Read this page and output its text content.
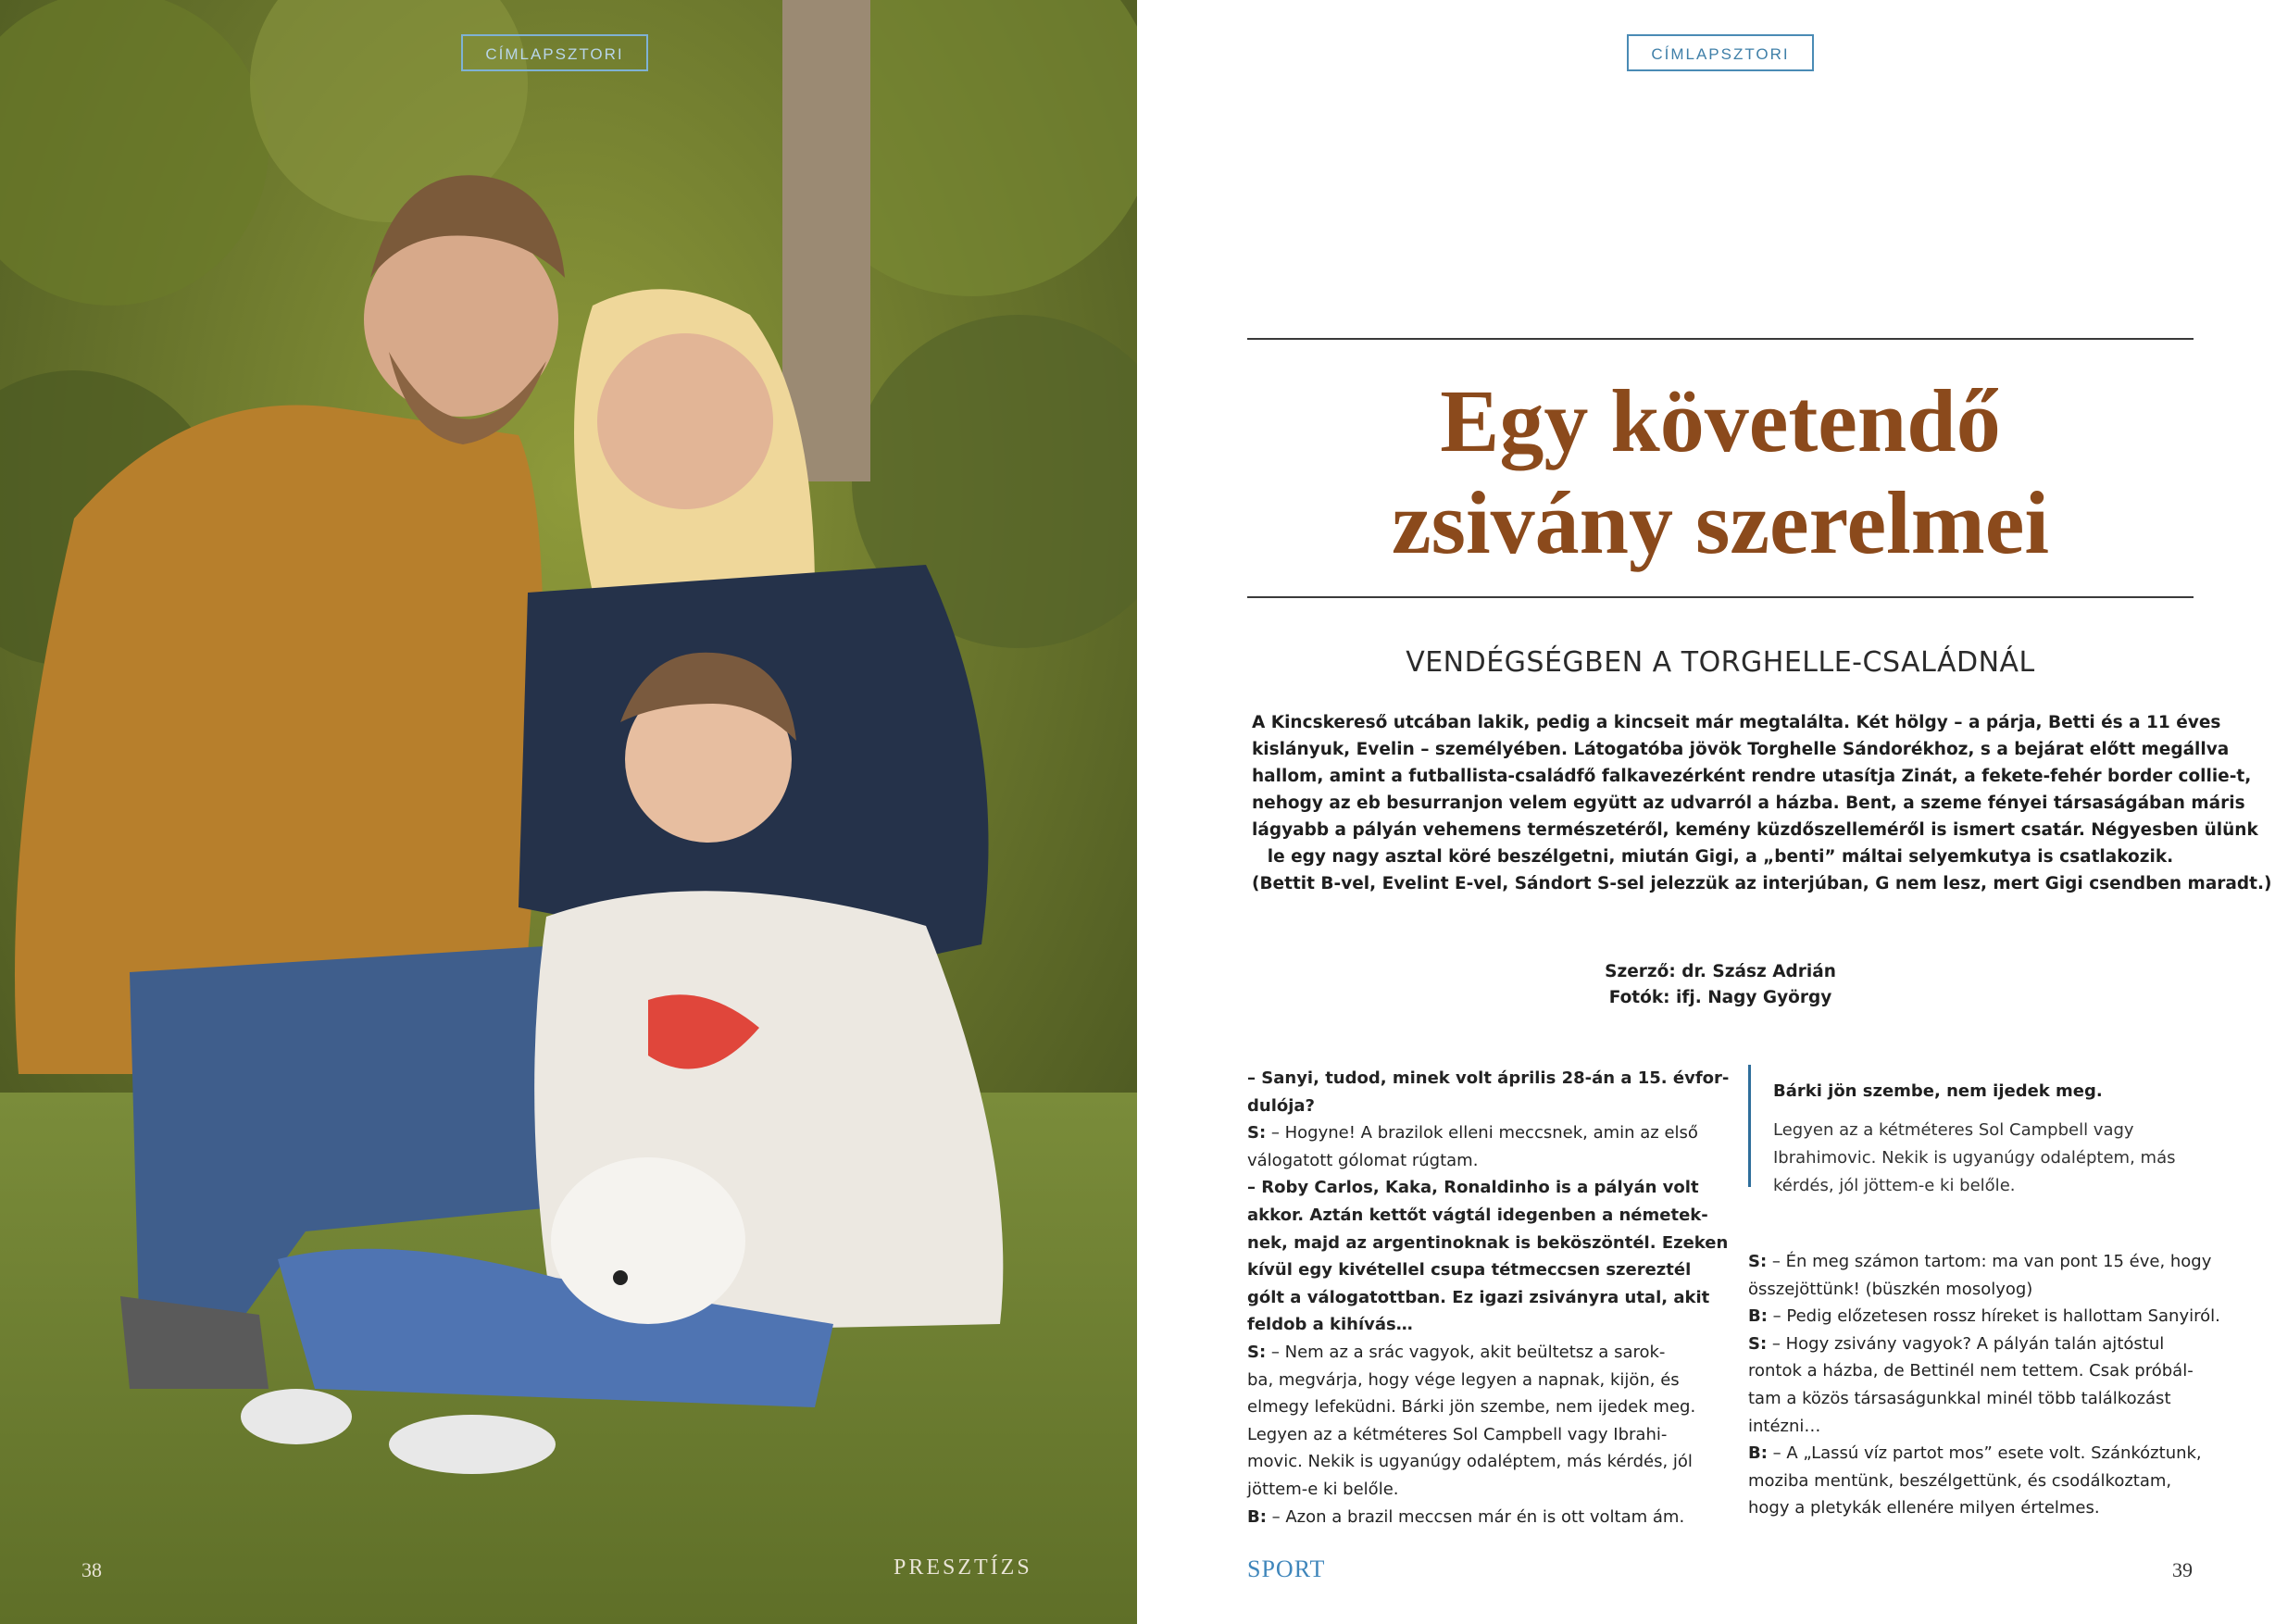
CÍMLAPSZTORI
38	PRESZTÍZS
CÍMLAPSZTORI
Egy követendő
zsivány szerelmei
VENDÉGSÉGBEN A TORGHELLE-CSALÁDNÁL
A Kincskereső utcában lakik, pedig a kincseit már megtalálta. Két hölgy – a párja, Betti és a 11 éves
kislányuk, Evelin – személyében. Látogatóba jövök Torghelle Sándorékhoz, s a bejárat előtt megállva
hallom, amint a futballista-családfő falkavezérként rendre utasítja Zinát, a fekete-fehér border collie-t,
nehogy az eb besurranjon velem együtt az udvarról a házba. Bent, a szeme fényei társaságában máris
lágyabb a pályán vehemens természetéről, kemény küzdőszelleméről is ismert csatár. Négyesben ülünk
le egy nagy asztal köré beszélgetni, miután Gigi, a „benti” máltai selyemkutya is csatlakozik.
(Bettit B-vel, Evelint E-vel, Sándort S-sel jelezzük az interjúban, G nem lesz, mert Gigi csendben maradt.)
Szerző: dr. Szász Adrián
Fotók: ifj. Nagy György
– Sanyi, tudod, minek volt április 28-án a 15. évfor-
dulója?
S: – Hogyne! A brazilok elleni meccsnek, amin az első
válogatott gólomat rúgtam.
– Roby Carlos, Kaka, Ronaldinho is a pályán volt
akkor. Aztán kettőt vágtál idegenben a németek-
nek, majd az argentinoknak is beköszöntél. Ezeken
kívül egy kivétellel csupa tétmeccsen szereztél
gólt a válogatottban. Ez igazi zsiványra utal, akit
feldob a kihívás…
S: – Nem az a srác vagyok, akit beültetsz a sarok-
ba, megvárja, hogy vége legyen a napnak, kijön, és
elmegy lefeküdni. Bárki jön szembe, nem ijedek meg.
Legyen az a kétméteres Sol Campbell vagy Ibrahi-
movic. Nekik is ugyanúgy odaléptem, más kérdés, jól
jöttem-e ki belőle.
B: – Azon a brazil meccsen már én is ott voltam ám.
Bárki jön szembe, nem ijedek meg.
Legyen az a kétméteres Sol Campbell vagy
Ibrahimovic. Nekik is ugyanúgy odaléptem, más
kérdés, jól jöttem-e ki belőle.
S: – Én meg számon tartom: ma van pont 15 éve, hogy
összejöttünk! (büszkén mosolyog)
B: – Pedig előzetesen rossz híreket is hallottam Sanyiról.
S: – Hogy zsivány vagyok? A pályán talán ajtóstul
rontok a házba, de Bettinél nem tettem. Csak próbál-
tam a közös társaságunkkal minél több találkozást
intézni…
B: – A „Lassú víz partot mos” esete volt. Szánkóztunk,
moziba mentünk, beszélgettünk, és csodálkoztam,
hogy a pletykák ellenére milyen értelmes.
SPORT	39
